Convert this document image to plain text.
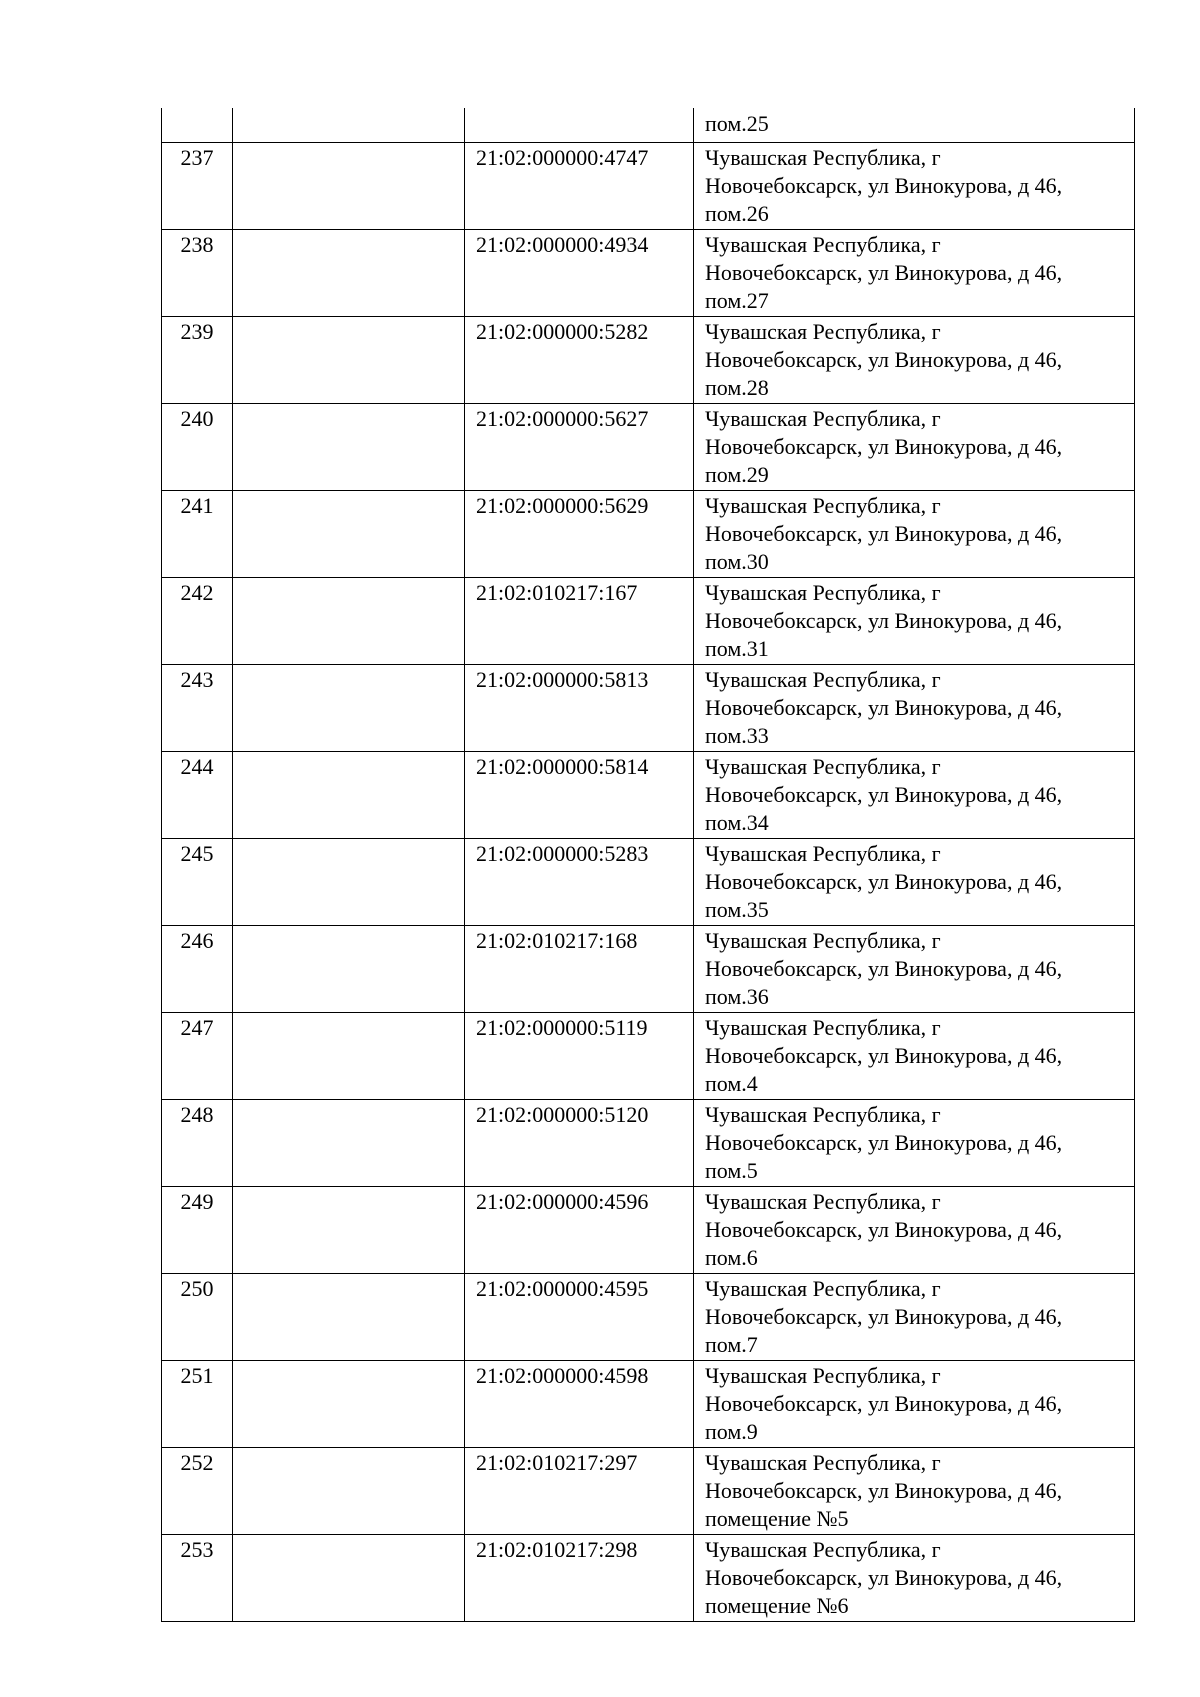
			пом.25

237		21:02:000000:4747	Чувашская Республика, г
Новочебоксарск, ул Винокурова, д 46,
пом.26

238		21:02:000000:4934	Чувашская Республика, г
Новочебоксарск, ул Винокурова, д 46,
пом.27

239		21:02:000000:5282	Чувашская Республика, г
Новочебоксарск, ул Винокурова, д 46,
пом.28

240		21:02:000000:5627	Чувашская Республика, г
Новочебоксарск, ул Винокурова, д 46,
пом.29

241		21:02:000000:5629	Чувашская Республика, г
Новочебоксарск, ул Винокурова, д 46,
пом.30

242		21:02:010217:167	Чувашская Республика, г
Новочебоксарск, ул Винокурова, д 46,
пом.31

243		21:02:000000:5813	Чувашская Республика, г
Новочебоксарск, ул Винокурова, д 46,
пом.33

244		21:02:000000:5814	Чувашская Республика, г
Новочебоксарск, ул Винокурова, д 46,
пом.34

245		21:02:000000:5283	Чувашская Республика, г
Новочебоксарск, ул Винокурова, д 46,
пом.35

246		21:02:010217:168	Чувашская Республика, г
Новочебоксарск, ул Винокурова, д 46,
пом.36

247		21:02:000000:5119	Чувашская Республика, г
Новочебоксарск, ул Винокурова, д 46,
пом.4

248		21:02:000000:5120	Чувашская Республика, г
Новочебоксарск, ул Винокурова, д 46,
пом.5

249		21:02:000000:4596	Чувашская Республика, г
Новочебоксарск, ул Винокурова, д 46,
пом.6

250		21:02:000000:4595	Чувашская Республика, г
Новочебоксарск, ул Винокурова, д 46,
пом.7

251		21:02:000000:4598	Чувашская Республика, г
Новочебоксарск, ул Винокурова, д 46,
пом.9

252		21:02:010217:297	Чувашская Республика, г
Новочебоксарск, ул Винокурова, д 46,
помещение №5

253		21:02:010217:298	Чувашская Республика, г
Новочебоксарск, ул Винокурова, д 46,
помещение №6
